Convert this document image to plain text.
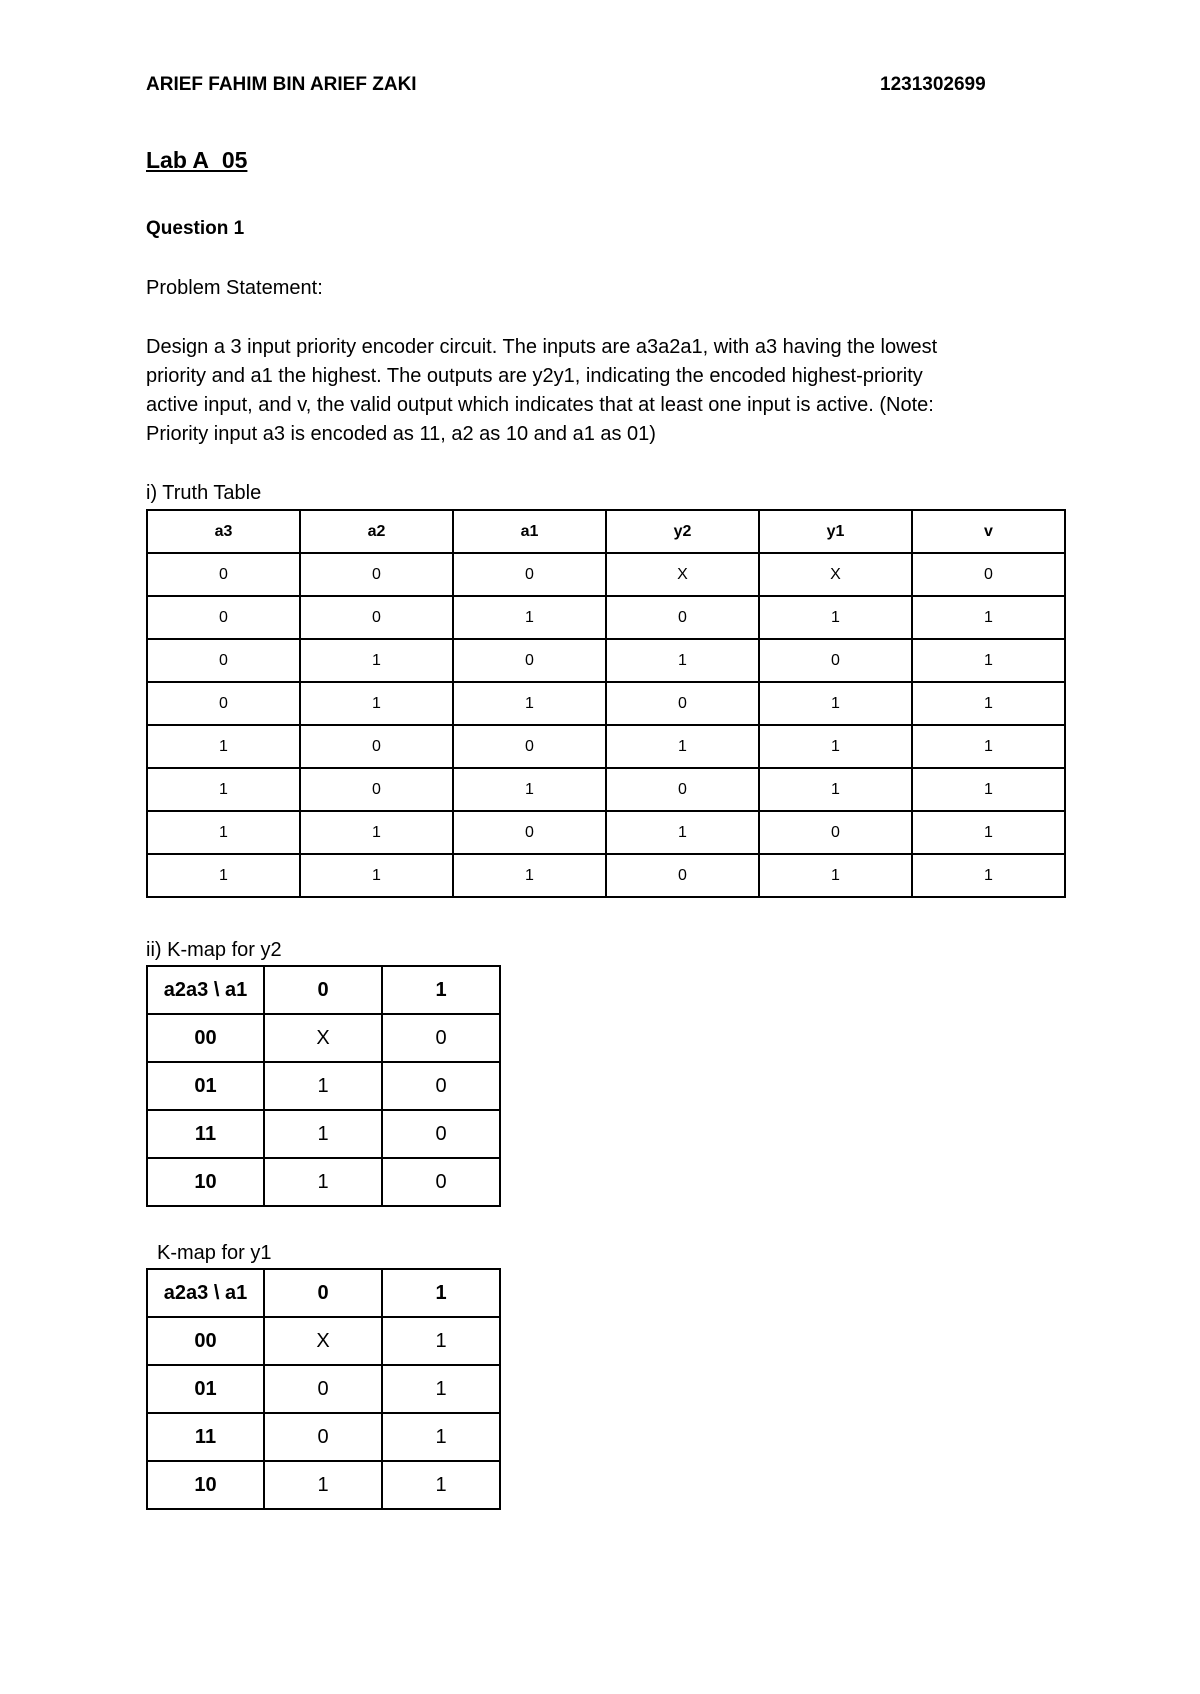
ARIEF FAHIM BIN ARIEF ZAKI	1231302699
Lab A_05
Question 1
Problem Statement:
Design a 3 input priority encoder circuit. The inputs are a3a2a1, with a3 having the lowest
priority and a1 the highest. The outputs are y2y1, indicating the encoded highest-priority
active input, and v, the valid output which indicates that at least one input is active. (Note:
Priority input a3 is encoded as 11, a2 as 10 and a1 as 01)
i) Truth Table
a3	a2	a1	y2	y1	v
0	0	0	X	X	0
0	0	1	0	1	1
0	1	0	1	0	1
0	1	1	0	1	1
1	0	0	1	1	1
1	0	1	0	1	1
1	1	0	1	0	1
1	1	1	0	1	1
ii) K-map for y2
a2a3 \ a1	0	1
00	X	0
01	1	0
11	1	0
10	1	0
K-map for y1
a2a3 \ a1	0	1
00	X	1
01	0	1
11	0	1
10	1	1
